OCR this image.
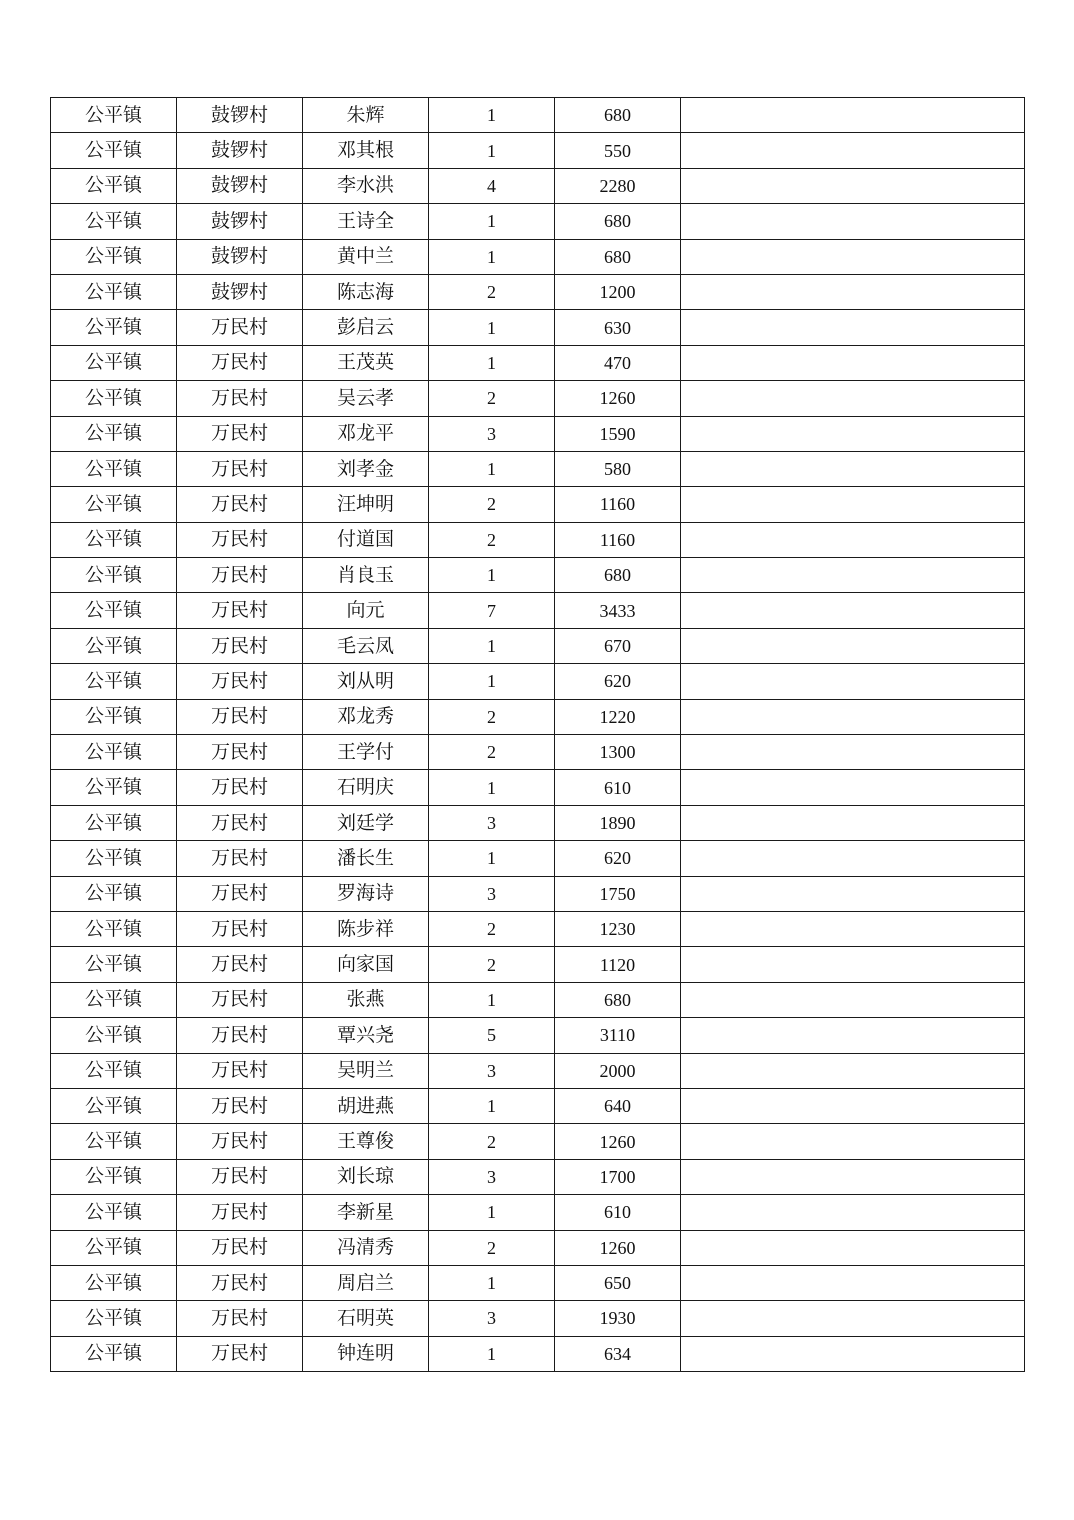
公平镇	鼓锣村	朱辉	1	680	
公平镇	鼓锣村	邓其根	1	550	
公平镇	鼓锣村	李水洪	4	2280	
公平镇	鼓锣村	王诗全	1	680	
公平镇	鼓锣村	黄中兰	1	680	
公平镇	鼓锣村	陈志海	2	1200	
公平镇	万民村	彭启云	1	630	
公平镇	万民村	王茂英	1	470	
公平镇	万民村	吴云孝	2	1260	
公平镇	万民村	邓龙平	3	1590	
公平镇	万民村	刘孝金	1	580	
公平镇	万民村	汪坤明	2	1160	
公平镇	万民村	付道国	2	1160	
公平镇	万民村	肖良玉	1	680	
公平镇	万民村	向元	7	3433	
公平镇	万民村	毛云凤	1	670	
公平镇	万民村	刘从明	1	620	
公平镇	万民村	邓龙秀	2	1220	
公平镇	万民村	王学付	2	1300	
公平镇	万民村	石明庆	1	610	
公平镇	万民村	刘廷学	3	1890	
公平镇	万民村	潘长生	1	620	
公平镇	万民村	罗海诗	3	1750	
公平镇	万民村	陈步祥	2	1230	
公平镇	万民村	向家国	2	1120	
公平镇	万民村	张燕	1	680	
公平镇	万民村	覃兴尧	5	3110	
公平镇	万民村	吴明兰	3	2000	
公平镇	万民村	胡进燕	1	640	
公平镇	万民村	王尊俊	2	1260	
公平镇	万民村	刘长琼	3	1700	
公平镇	万民村	李新星	1	610	
公平镇	万民村	冯清秀	2	1260	
公平镇	万民村	周启兰	1	650	
公平镇	万民村	石明英	3	1930	
公平镇	万民村	钟连明	1	634	
